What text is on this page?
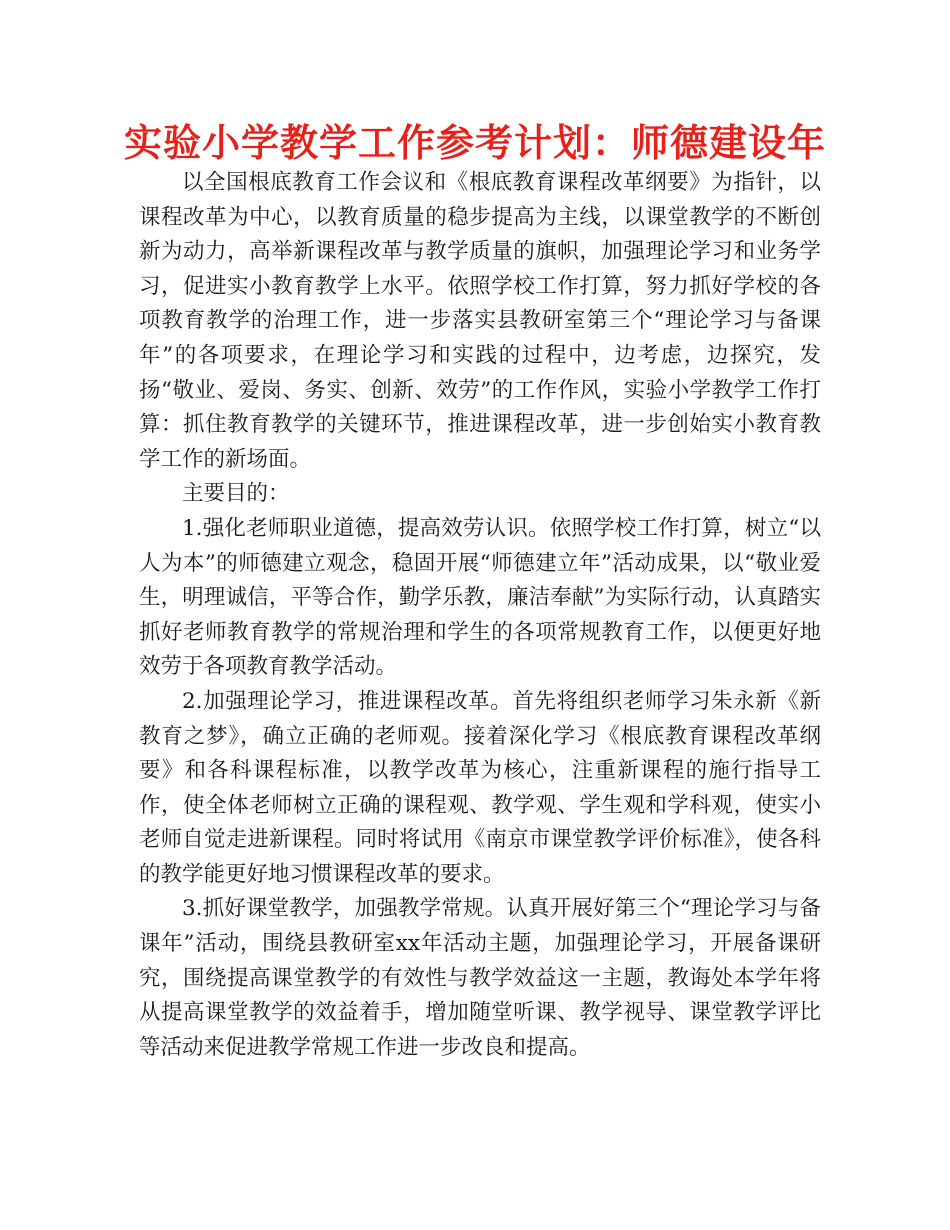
实验小学教学工作参考计划：师德建设年

以全国根底教育工作会议和《根底教育课程改革纲要》为指针，以课程改革为中心，以教育质量的稳步提高为主线，以课堂教学的不断创新为动力，高举新课程改革与教学质量的旗帜，加强理论学习和业务学习，促进实小教育教学上水平。依照学校工作打算，努力抓好学校的各项教育教学的治理工作，进一步落实县教研室第三个“理论学习与备课年”的各项要求，在理论学习和实践的过程中，边考虑，边探究，发扬“敬业、爱岗、务实、创新、效劳”的工作作风，实验小学教学工作打算：抓住教育教学的关键环节，推进课程改革，进一步创始实小教育教学工作的新场面。

主要目的：

1.强化老师职业道德，提高效劳认识。依照学校工作打算，树立“以人为本”的师德建立观念，稳固开展“师德建立年”活动成果，以“敬业爱生，明理诚信，平等合作，勤学乐教，廉洁奉献”为实际行动，认真踏实抓好老师教育教学的常规治理和学生的各项常规教育工作，以便更好地效劳于各项教育教学活动。

2.加强理论学习，推进课程改革。首先将组织老师学习朱永新《新教育之梦》，确立正确的老师观。接着深化学习《根底教育课程改革纲要》和各科课程标准，以教学改革为核心，注重新课程的施行指导工作，使全体老师树立正确的课程观、教学观、学生观和学科观，使实小老师自觉走进新课程。同时将试用《南京市课堂教学评价标准》，使各科的教学能更好地习惯课程改革的要求。

3.抓好课堂教学，加强教学常规。认真开展好第三个“理论学习与备课年”活动，围绕县教研室xx年活动主题，加强理论学习，开展备课研究，围绕提高课堂教学的有效性与教学效益这一主题，教诲处本学年将从提高课堂教学的效益着手，增加随堂听课、教学视导、课堂教学评比等活动来促进教学常规工作进一步改良和提高。
